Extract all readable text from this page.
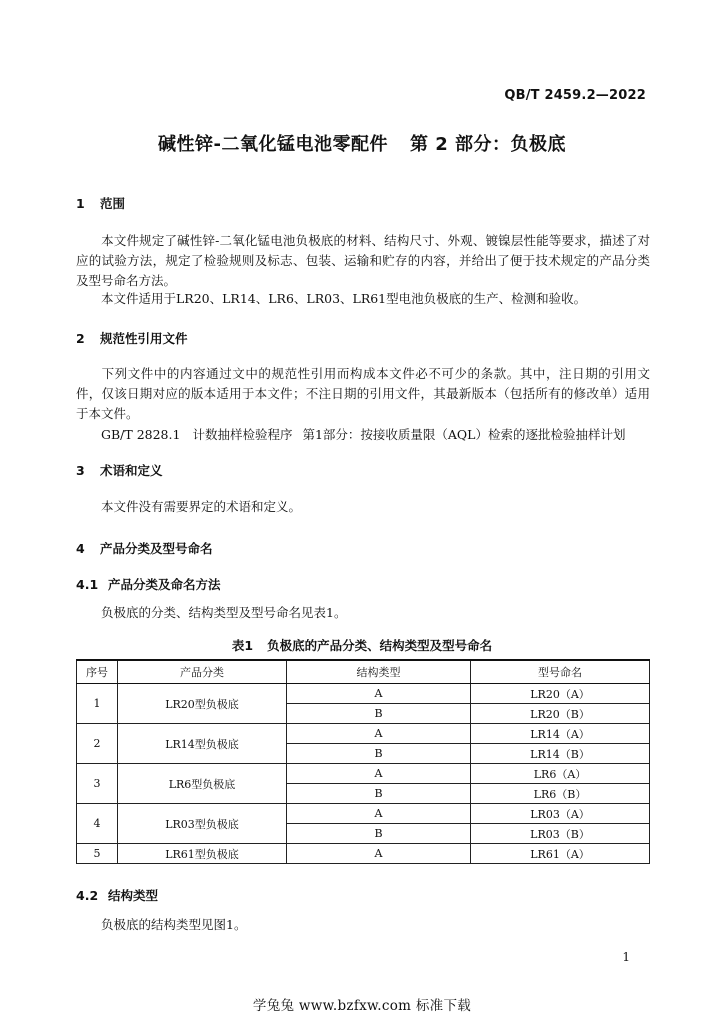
QB/T 2459.2—2022
碱性锌-二氧化锰电池零配件 第 2 部分：负极底
1 范围
本文件规定了碱性锌-二氧化锰电池负极底的材料、结构尺寸、外观、镀镍层性能等要求，描述了对应的试验方法，规定了检验规则及标志、包装、运输和贮存的内容，并给出了便于技术规定的产品分类及型号命名方法。
本文件适用于LR20、LR14、LR6、LR03、LR61型电池负极底的生产、检测和验收。
2 规范性引用文件
下列文件中的内容通过文中的规范性引用而构成本文件必不可少的条款。其中，注日期的引用文件，仅该日期对应的版本适用于本文件；不注日期的引用文件，其最新版本（包括所有的修改单）适用于本文件。
GB/T 2828.1 计数抽样检验程序 第1部分：按接收质量限（AQL）检索的逐批检验抽样计划
3 术语和定义
本文件没有需要界定的术语和定义。
4 产品分类及型号命名
4.1 产品分类及命名方法
负极底的分类、结构类型及型号命名见表1。
表1 负极底的产品分类、结构类型及型号命名
序号	产品分类	结构类型	型号命名
1	LR20型负极底	A	LR20（A）
		B	LR20（B）
2	LR14型负极底	A	LR14（A）
		B	LR14（B）
3	LR6型负极底	A	LR6（A）
		B	LR6（B）
4	LR03型负极底	A	LR03（A）
		B	LR03（B）
5	LR61型负极底	A	LR61（A）
4.2 结构类型
负极底的结构类型见图1。
1
学兔兔 www.bzfxw.com 标准下载
